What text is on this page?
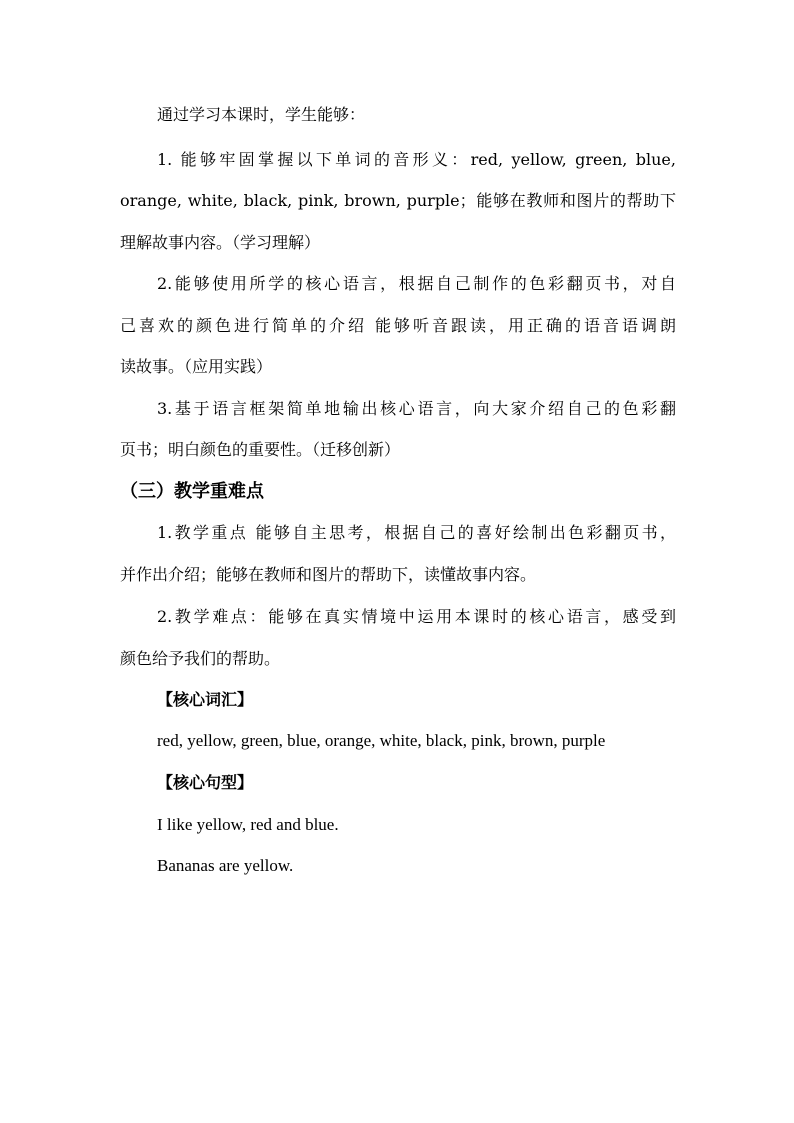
通过学习本课时，学生能够：
1. 能够牢固掌握以下单词的音形义：red, yellow, green, blue,
orange, white, black, pink, brown, purple；能够在教师和图片的帮助下
理解故事内容。（学习理解）
2.能够使用所学的核心语言，根据自己制作的色彩翻页书，对自
己喜欢的颜色进行简单的介绍 能够听音跟读，用正确的语音语调朗
读故事。（应用实践）
3.基于语言框架简单地输出核心语言，向大家介绍自己的色彩翻
页书；明白颜色的重要性。（迁移创新）
（三）教学重难点
1.教学重点 能够自主思考，根据自己的喜好绘制出色彩翻页书，
并作出介绍；能够在教师和图片的帮助下，读懂故事内容。
2.教学难点：能够在真实情境中运用本课时的核心语言，感受到
颜色给予我们的帮助。
【核心词汇】
red, yellow, green, blue, orange, white, black, pink, brown, purple
【核心句型】
I like yellow, red and blue.
Bananas are yellow.
